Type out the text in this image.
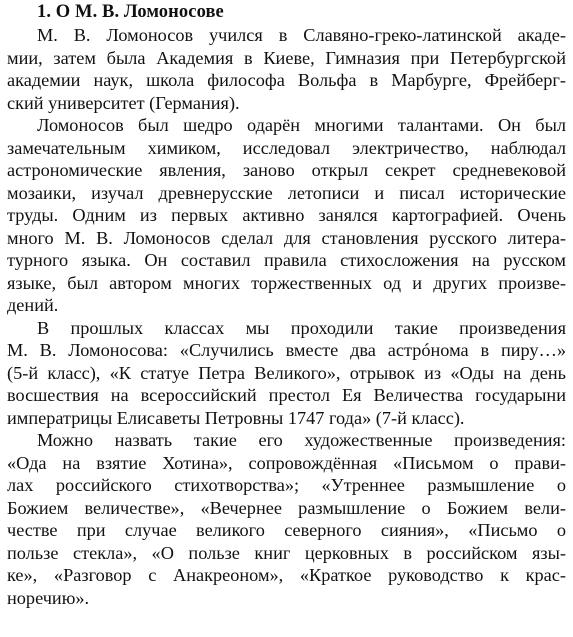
1. О М. В. Ломоносове

М. В. Ломоносов учился в Славяно-греко-латинской акаде-
мии, затем была Академия в Киеве, Гимназия при Петербургской
академии наук, школа философа Вольфа в Марбурге, Фрейберг-
ский университет (Германия).

Ломоносов был шедро одарён многими талантами. Он был
замечательным химиком, исследовал электричество, наблюдал
астрономические явления, заново открыл секрет средневековой
мозаики, изучал древнерусские летописи и писал исторические
труды. Одним из первых активно занялся картографией. Очень
много М. В. Ломоносов сделал для становления русского литера-
турного языка. Он составил правила стихосложения на русском
языке, был автором многих торжественных од и других произве-
дений.

В прошлых классах мы проходили такие произведения
М. В. Ломоносова: «Случились вместе два астрóнома в пиру…»
(5-й класс), «К статуе Петра Великого», отрывок из «Оды на день
восшествия на всероссийский престол Ея Величества государыни
императрицы Елисаветы Петровны 1747 года» (7-й класс).

Можно назвать такие его художественные произведения:
«Ода на взятие Хотина», сопровождённая «Письмом о прави-
лах российского стихотворства»; «Утреннее размышление о
Божием величестве», «Вечернее размышление о Божием вели-
честве при случае великого северного сияния», «Письмо о
пользе стекла», «О пользе книг церковных в российском язы-
ке», «Разговор с Анакреоном», «Краткое руководство к крас-
норечию».
